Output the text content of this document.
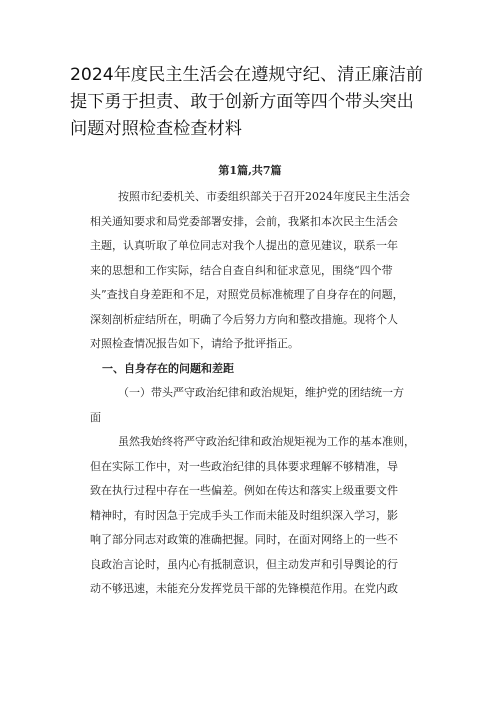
2024年度民主生活会在遵规守纪、清正廉洁前
提下勇于担责、敢于创新方面等四个带头突出
问题对照检查检查材料
第1篇,共7篇
按照市纪委机关、市委组织部关于召开2024年度民主生活会
相关通知要求和局党委部署安排，会前，我紧扣本次民主生活会
主题，认真听取了单位同志对我个人提出的意见建议，联系一年
来的思想和工作实际，结合自查自纠和征求意见，围绕“四个带
头”查找自身差距和不足，对照党员标准梳理了自身存在的问题，
深刻剖析症结所在，明确了今后努力方向和整改措施。现将个人
对照检查情况报告如下，请给予批评指正。
一、自身存在的问题和差距
（一）带头严守政治纪律和政治规矩，维护党的团结统一方
面
虽然我始终将严守政治纪律和政治规矩视为工作的基本准则，
但在实际工作中，对一些政治纪律的具体要求理解不够精准，导
致在执行过程中存在一些偏差。例如在传达和落实上级重要文件
精神时，有时因急于完成手头工作而未能及时组织深入学习，影
响了部分同志对政策的准确把握。同时，在面对网络上的一些不
良政治言论时，虽内心有抵制意识，但主动发声和引导舆论的行
动不够迅速，未能充分发挥党员干部的先锋模范作用。在党内政
